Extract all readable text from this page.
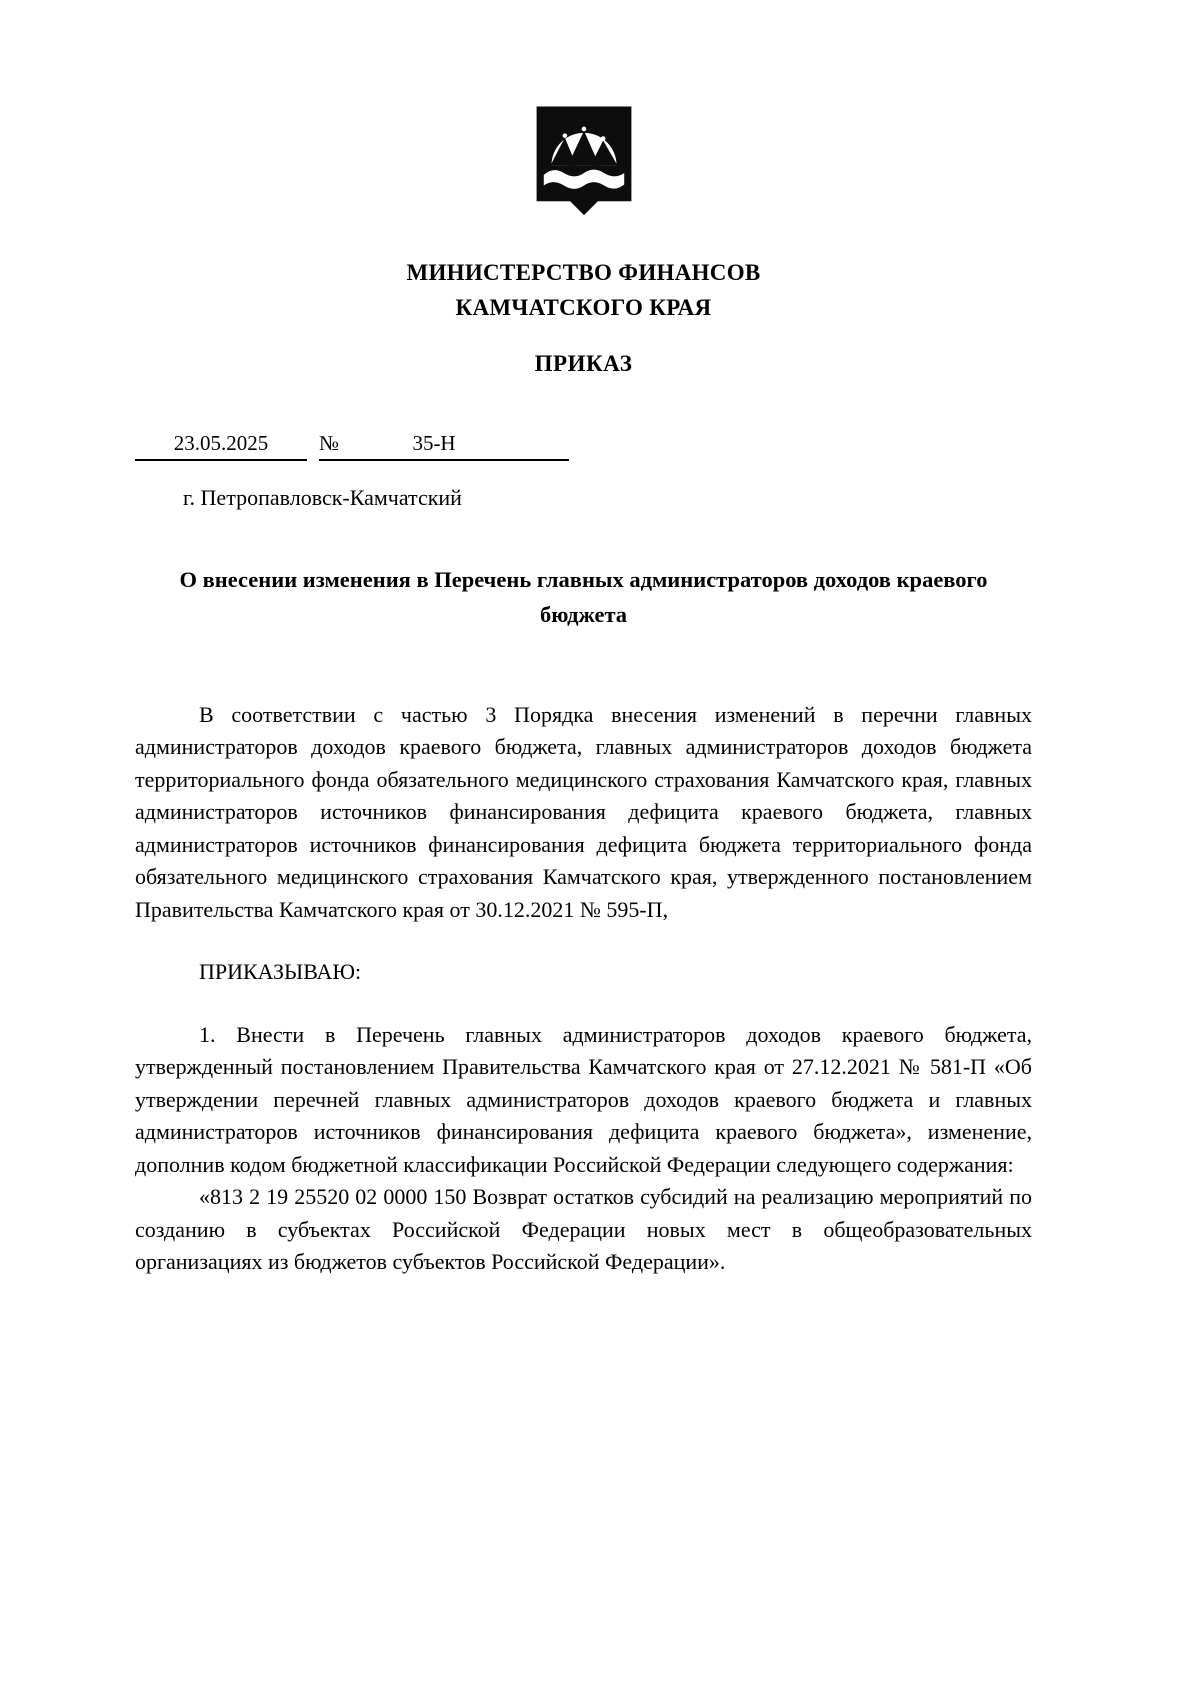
МИНИСТЕРСТВО ФИНАНСОВ
КАМЧАТСКОГО КРАЯ
ПРИКАЗ
23.05.2025	№	35-Н
г. Петропавловск-Камчатский
О внесении изменения в Перечень главных администраторов доходов краевого бюджета

В соответствии с частью 3 Порядка внесения изменений в перечни главных администраторов доходов краевого бюджета, главных администраторов доходов бюджета территориального фонда обязательного медицинского страхования Камчатского края, главных администраторов источников финансирования дефицита краевого бюджета, главных администраторов источников финансирования дефицита бюджета территориального фонда обязательного медицинского страхования Камчатского края, утвержденного постановлением Правительства Камчатского края от 30.12.2021 № 595-П,

ПРИКАЗЫВАЮ:

1. Внести в Перечень главных администраторов доходов краевого бюджета, утвержденный постановлением Правительства Камчатского края от 27.12.2021 № 581-П «Об утверждении перечней главных администраторов доходов краевого бюджета и главных администраторов источников финансирования дефицита краевого бюджета», изменение, дополнив кодом бюджетной классификации Российской Федерации следующего содержания:

«813 2 19 25520 02 0000 150 Возврат остатков субсидий на реализацию мероприятий по созданию в субъектах Российской Федерации новых мест в общеобразовательных организациях из бюджетов субъектов Российской Федерации».
